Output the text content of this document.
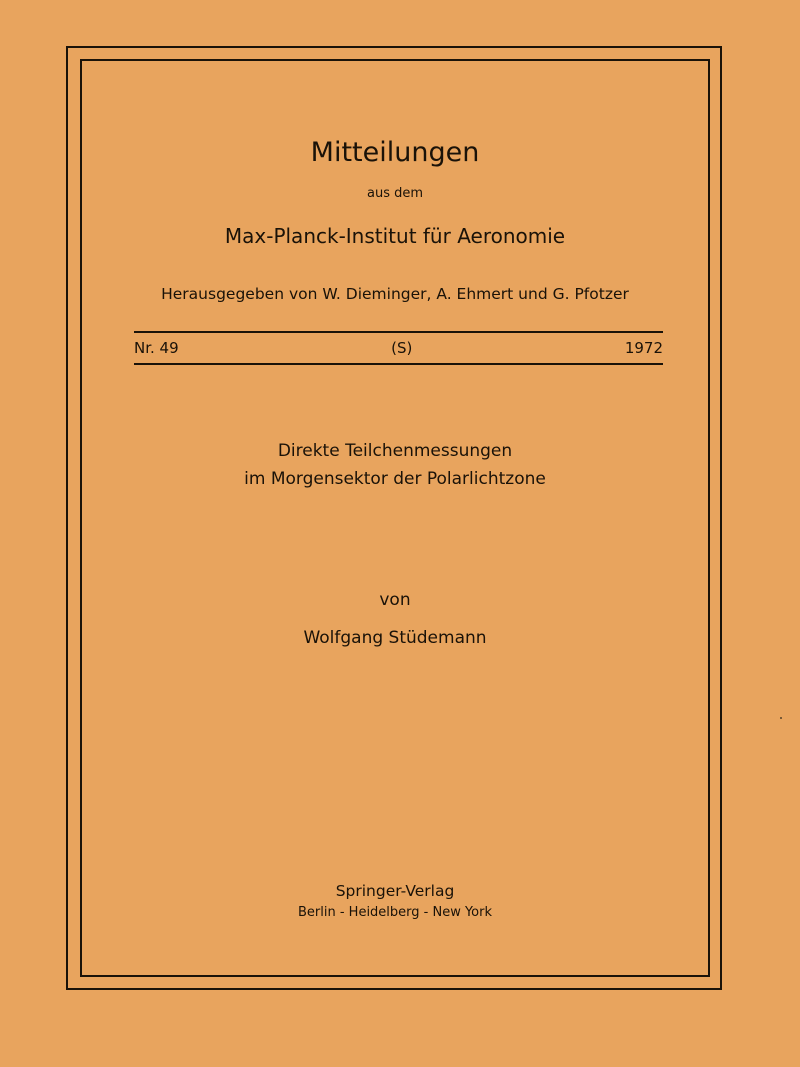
Mitteilungen
aus dem
Max-Planck-Institut für Aeronomie
Herausgegeben von W. Dieminger, A. Ehmert und G. Pfotzer
Nr. 49	(S)	1972
Direkte Teilchenmessungen
im Morgensektor der Polarlichtzone
von
Wolfgang Stüdemann
Springer-Verlag
Berlin - Heidelberg - New York
